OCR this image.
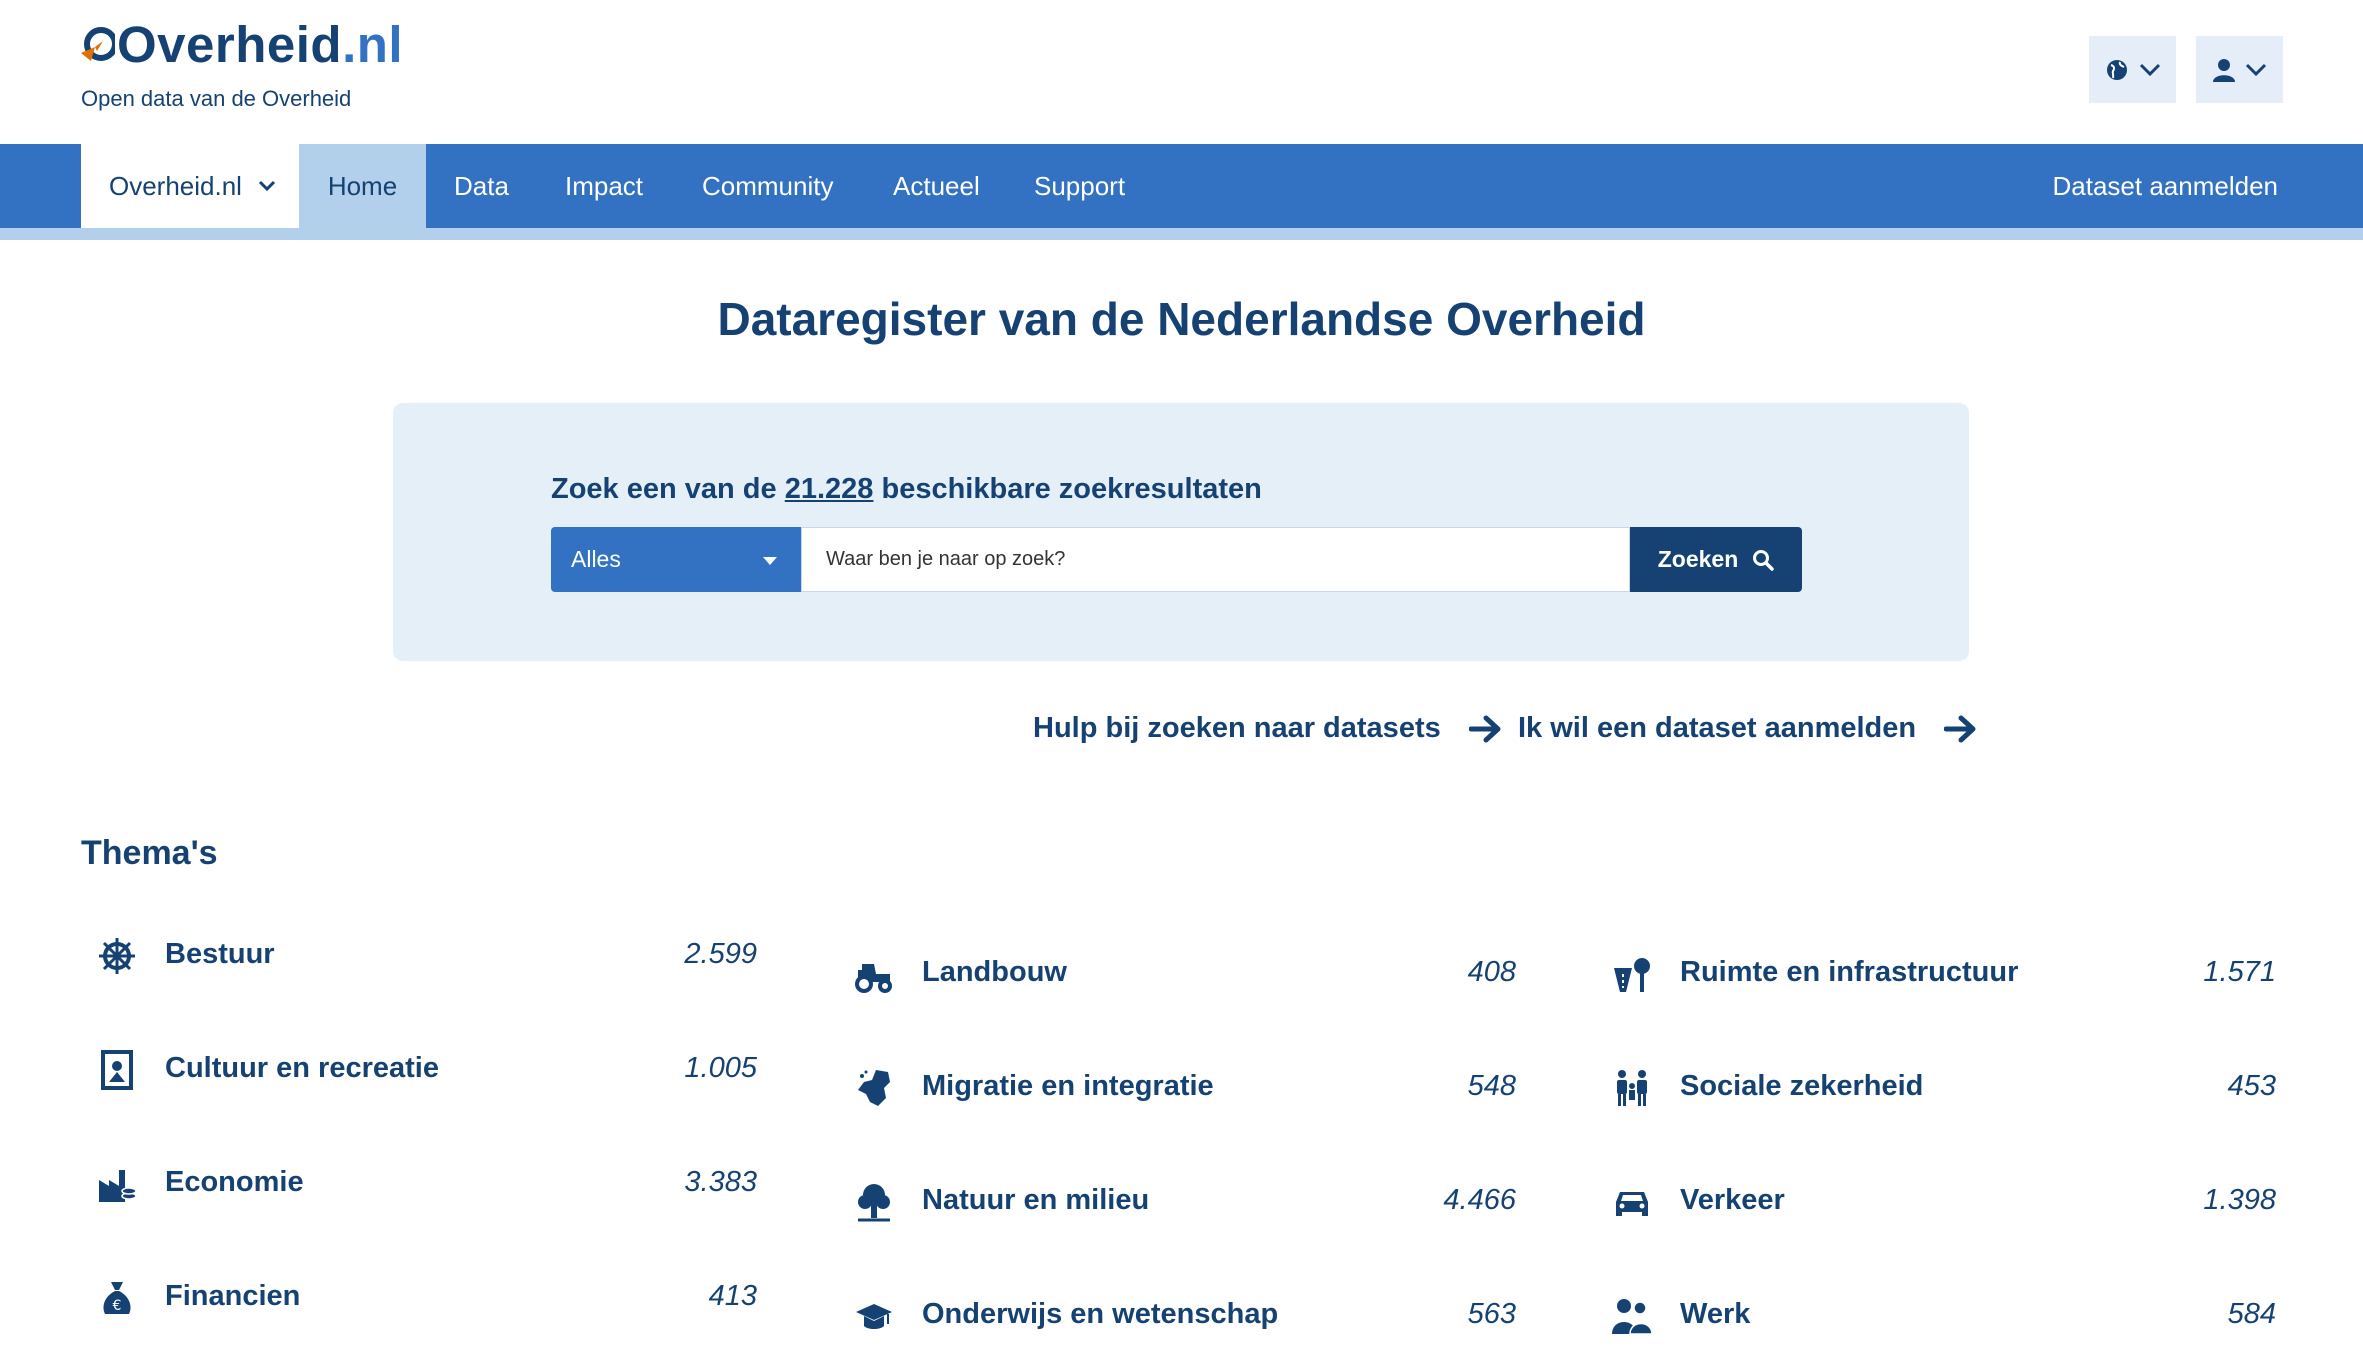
Overheid.nl
Open data van de Overheid
Overheid.nl	Home	Data Impact Community Actueel Support	Dataset aanmelden
Dataregister van de Nederlandse Overheid
Zoek een van de 21.228 beschikbare zoekresultaten
Alles
Waar ben je naar op zoek?	Zoeken
Hulp bij zoeken naar datasets	Ik wil een dataset aanmelden
Thema's
Bestuur	2.599
Cultuur en recreatie	1.005
Economie	3.383
€ Financien	413
Landbouw	408
Migratie en integratie	548
Natuur en milieu	4.466
Onderwijs en wetenschap	563
Ruimte en infrastructuur	1.571
Sociale zekerheid	453
Verkeer	1.398
Werk	584
